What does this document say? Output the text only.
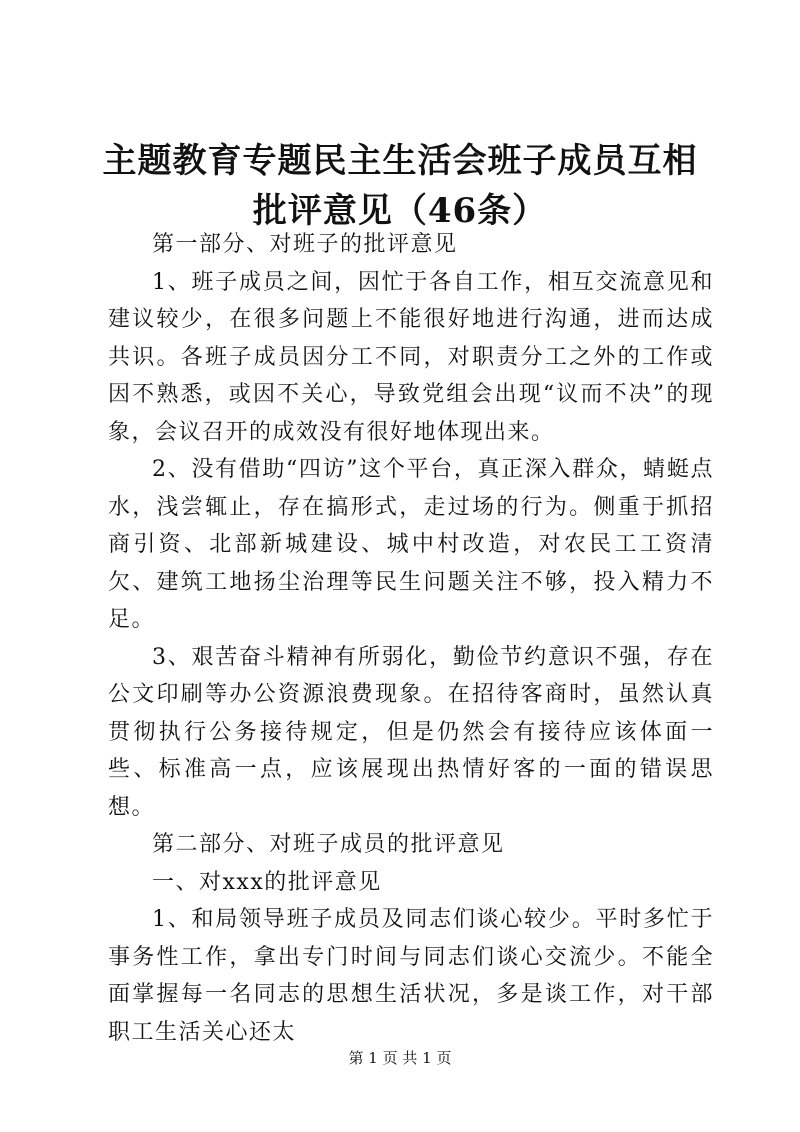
主题教育专题民主生活会班子成员互相批评意见（46条）

第一部分、对班子的批评意见

1、班子成员之间，因忙于各自工作，相互交流意见和建议较少，在很多问题上不能很好地进行沟通，进而达成共识。各班子成员因分工不同，对职责分工之外的工作或因不熟悉，或因不关心，导致党组会出现“议而不决”的现象，会议召开的成效没有很好地体现出来。

2、没有借助“四访”这个平台，真正深入群众，蜻蜓点水，浅尝辄止，存在搞形式，走过场的行为。侧重于抓招商引资、北部新城建设、城中村改造，对农民工工资清欠、建筑工地扬尘治理等民生问题关注不够，投入精力不足。

3、艰苦奋斗精神有所弱化，勤俭节约意识不强，存在公文印刷等办公资源浪费现象。在招待客商时，虽然认真贯彻执行公务接待规定，但是仍然会有接待应该体面一些、标准高一点，应该展现出热情好客的一面的错误思想。

第二部分、对班子成员的批评意见

一、对xxx的批评意见

1、和局领导班子成员及同志们谈心较少。平时多忙于事务性工作，拿出专门时间与同志们谈心交流少。不能全面掌握每一名同志的思想生活状况，多是谈工作，对干部职工生活关心还太

第 1 页 共 1 页
